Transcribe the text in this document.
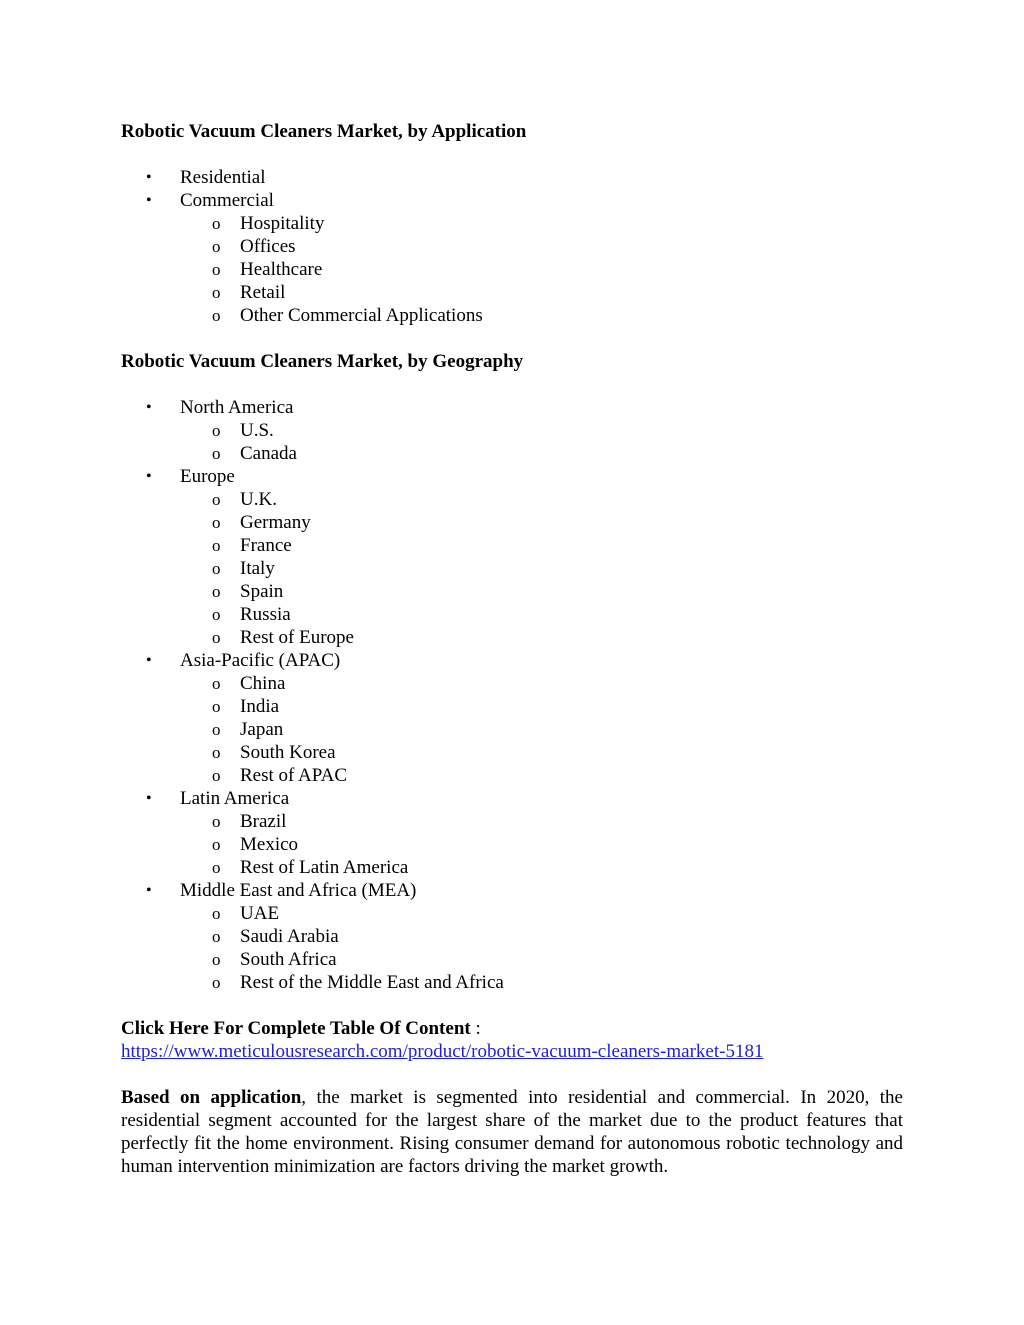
Robotic Vacuum Cleaners Market, by Application

• Residential
• Commercial
o Hospitality
o Offices
o Healthcare
o Retail
o Other Commercial Applications

Robotic Vacuum Cleaners Market, by Geography

• North America
o U.S.
o Canada
• Europe
o U.K.
o Germany
o France
o Italy
o Spain
o Russia
o Rest of Europe
• Asia-Pacific (APAC)
o China
o India
o Japan
o South Korea
o Rest of APAC
• Latin America
o Brazil
o Mexico
o Rest of Latin America
• Middle East and Africa (MEA)
o UAE
o Saudi Arabia
o South Africa
o Rest of the Middle East and Africa
Click Here For Complete Table Of Content :
https://www.meticulousresearch.com/product/robotic-vacuum-cleaners-market-5181

Based on application, the market is segmented into residential and commercial. In 2020, the residential segment accounted for the largest share of the market due to the product features that perfectly fit the home environment. Rising consumer demand for autonomous robotic technology and human intervention minimization are factors driving the market growth.
